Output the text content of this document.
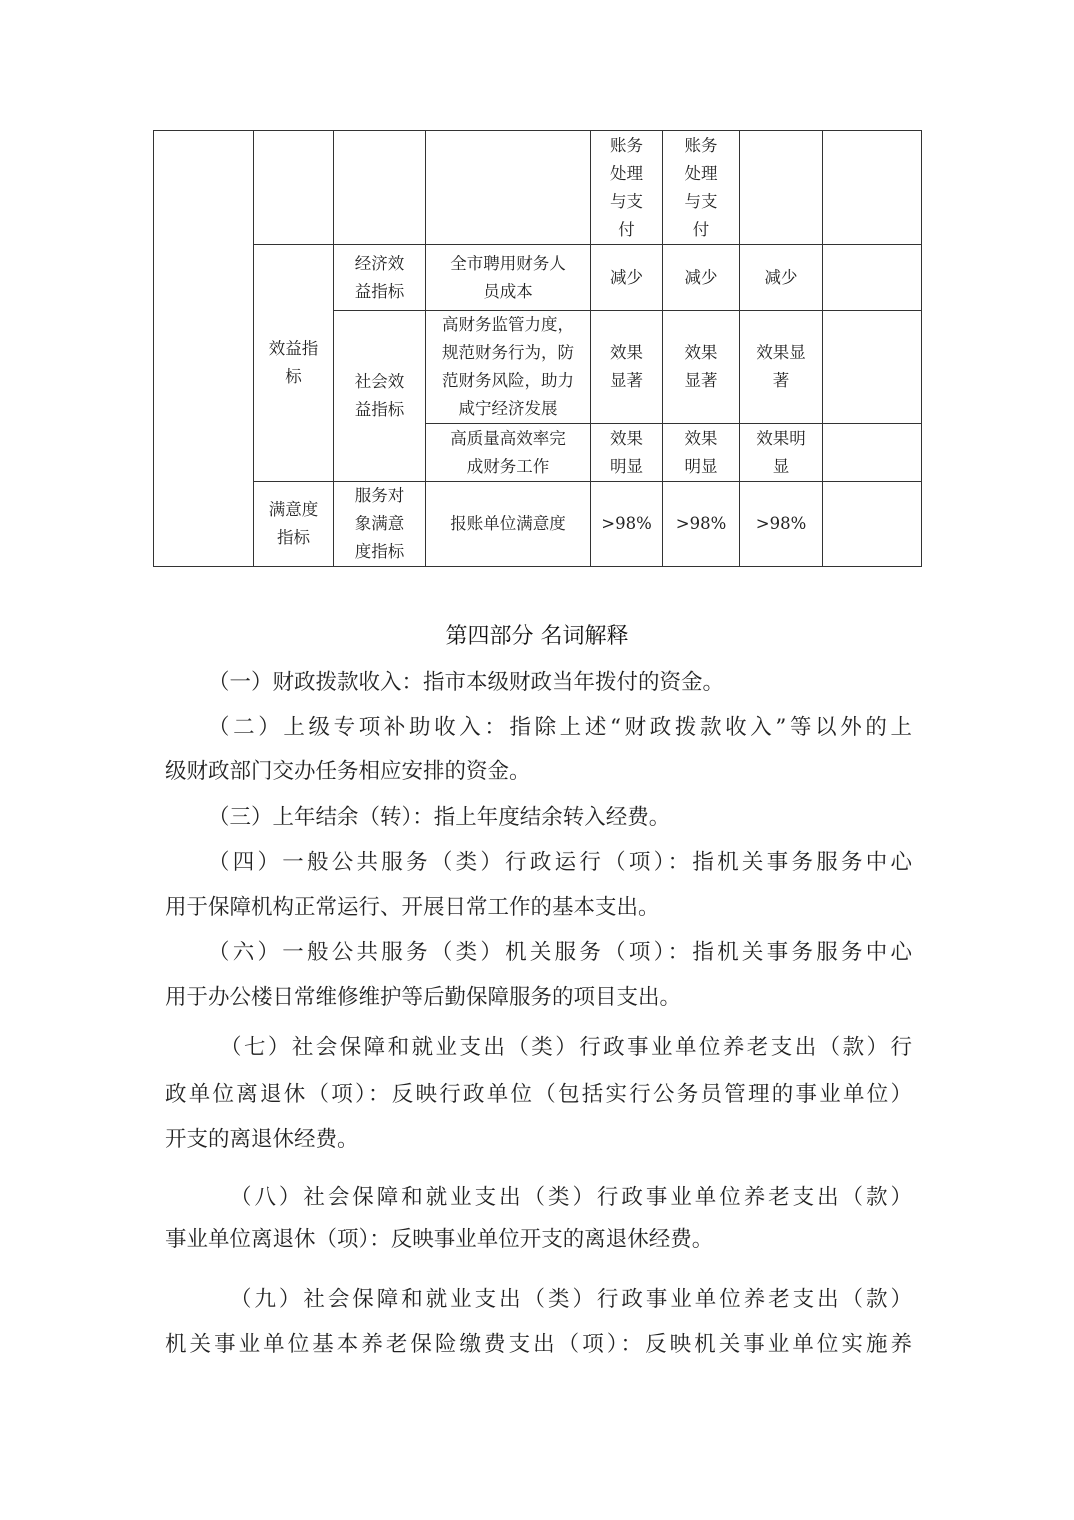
				账务处理与支付	账务处理与支付		
	效益指标	经济效益指标	全市聘用财务人员成本	减少	减少	减少	
		社会效益指标	高财务监管力度，规范财务行为，防范财务风险，助力咸宁经济发展	效果显著	效果显著	效果显著	
			高质量高效率完成财务工作	效果明显	效果明显	效果明显	
	满意度指标	服务对象满意度指标	报账单位满意度	>98%	>98%	>98%	
第四部分 名词解释
（一）财政拨款收入：指市本级财政当年拨付的资金。
（二）上级专项补助收入：指除上述“财政拨款收入”等以外的上
级财政部门交办任务相应安排的资金。
（三）上年结余（转）：指上年度结余转入经费。
（四）一般公共服务（类）行政运行（项）：指机关事务服务中心
用于保障机构正常运行、开展日常工作的基本支出。
（六）一般公共服务（类）机关服务（项）：指机关事务服务中心
用于办公楼日常维修维护等后勤保障服务的项目支出。
（七）社会保障和就业支出（类）行政事业单位养老支出（款）行
政单位离退休（项）：反映行政单位（包括实行公务员管理的事业单位）
开支的离退休经费。
（八）社会保障和就业支出（类）行政事业单位养老支出（款）
事业单位离退休（项）：反映事业单位开支的离退休经费。
（九）社会保障和就业支出（类）行政事业单位养老支出（款）
机关事业单位基本养老保险缴费支出（项）：反映机关事业单位实施养
